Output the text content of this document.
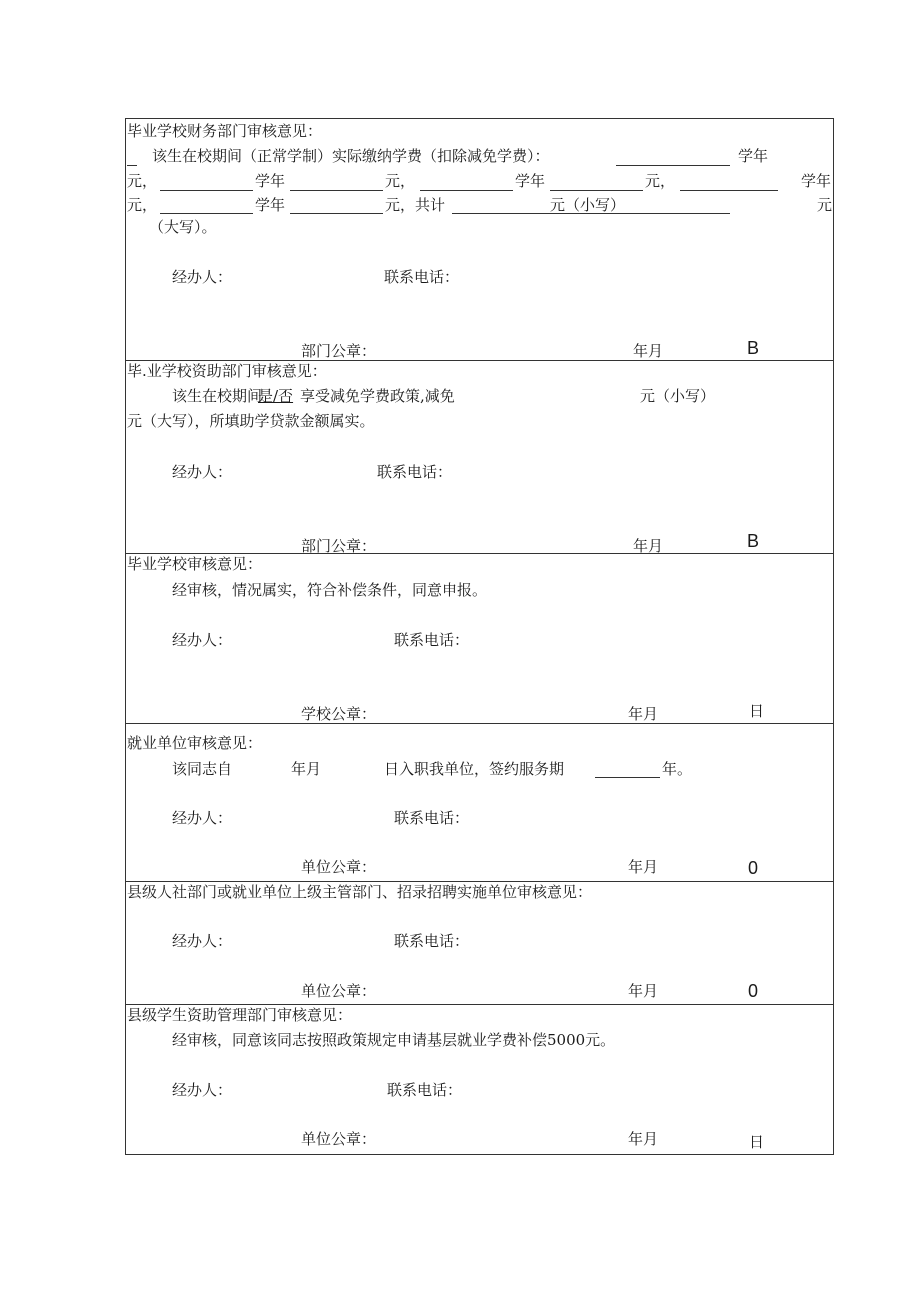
毕业学校财务部门审核意见：
该生在校期间（正常学制）实际缴纳学费（扣除减免学费）：	学年
元，	学年	元，	学年	元，	学年
元，	学年	元，共计	元（小写）	元
（大写）。
经办人：	联系电话：
部门公章：	年月	B
毕.业学校资助部门审核意见：
该生在校期间
是/否 享受减免学费政策,减免	元（小写）
元（大写），所填助学贷款金额属实。
经办人：	联系电话：
部门公章：	年月	B
毕业学校审核意见：
经审核，情况属实，符合补偿条件，同意申报。
经办人：	联系电话：
学校公章：	年月	日
就业单位审核意见：
该同志自	年月	日入职我单位，签约服务期	年。
经办人：	联系电话：
单位公章：	年月	0
县级人社部门或就业单位上级主管部门、招录招聘实施单位审核意见：
经办人：	联系电话：
单位公章：	年月	0
县级学生资助管理部门审核意见：
经审核，同意该同志按照政策规定申请基层就业学费补偿5000元。
经办人：	联系电话：
单位公章：	年月	日
